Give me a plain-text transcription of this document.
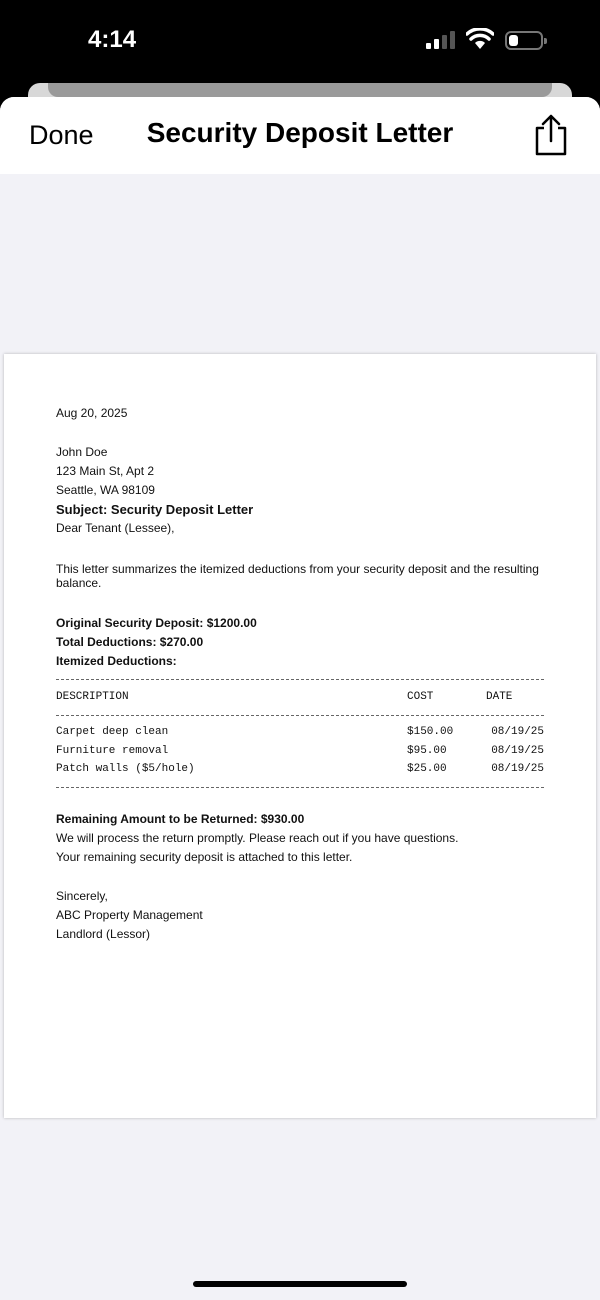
4:14
Done	Security Deposit Letter

Aug 20, 2025

John Doe

123 Main St, Apt 2

Seattle, WA 98109

Subject: Security Deposit Letter

Dear Tenant (Lessee),

This letter summarizes the itemized deductions from your security deposit and the resulting balance.

Original Security Deposit: $1200.00

Total Deductions: $270.00

Itemized Deductions:

DESCRIPTION	COST	DATE
Carpet deep clean	$150.00	08/19/25
Furniture removal	$95.00	08/19/25
Patch walls ($5/hole)	$25.00	08/19/25

Remaining Amount to be Returned: $930.00

We will process the return promptly. Please reach out if you have questions.

Your remaining security deposit is attached to this letter.

Sincerely,

ABC Property Management

Landlord (Lessor)
